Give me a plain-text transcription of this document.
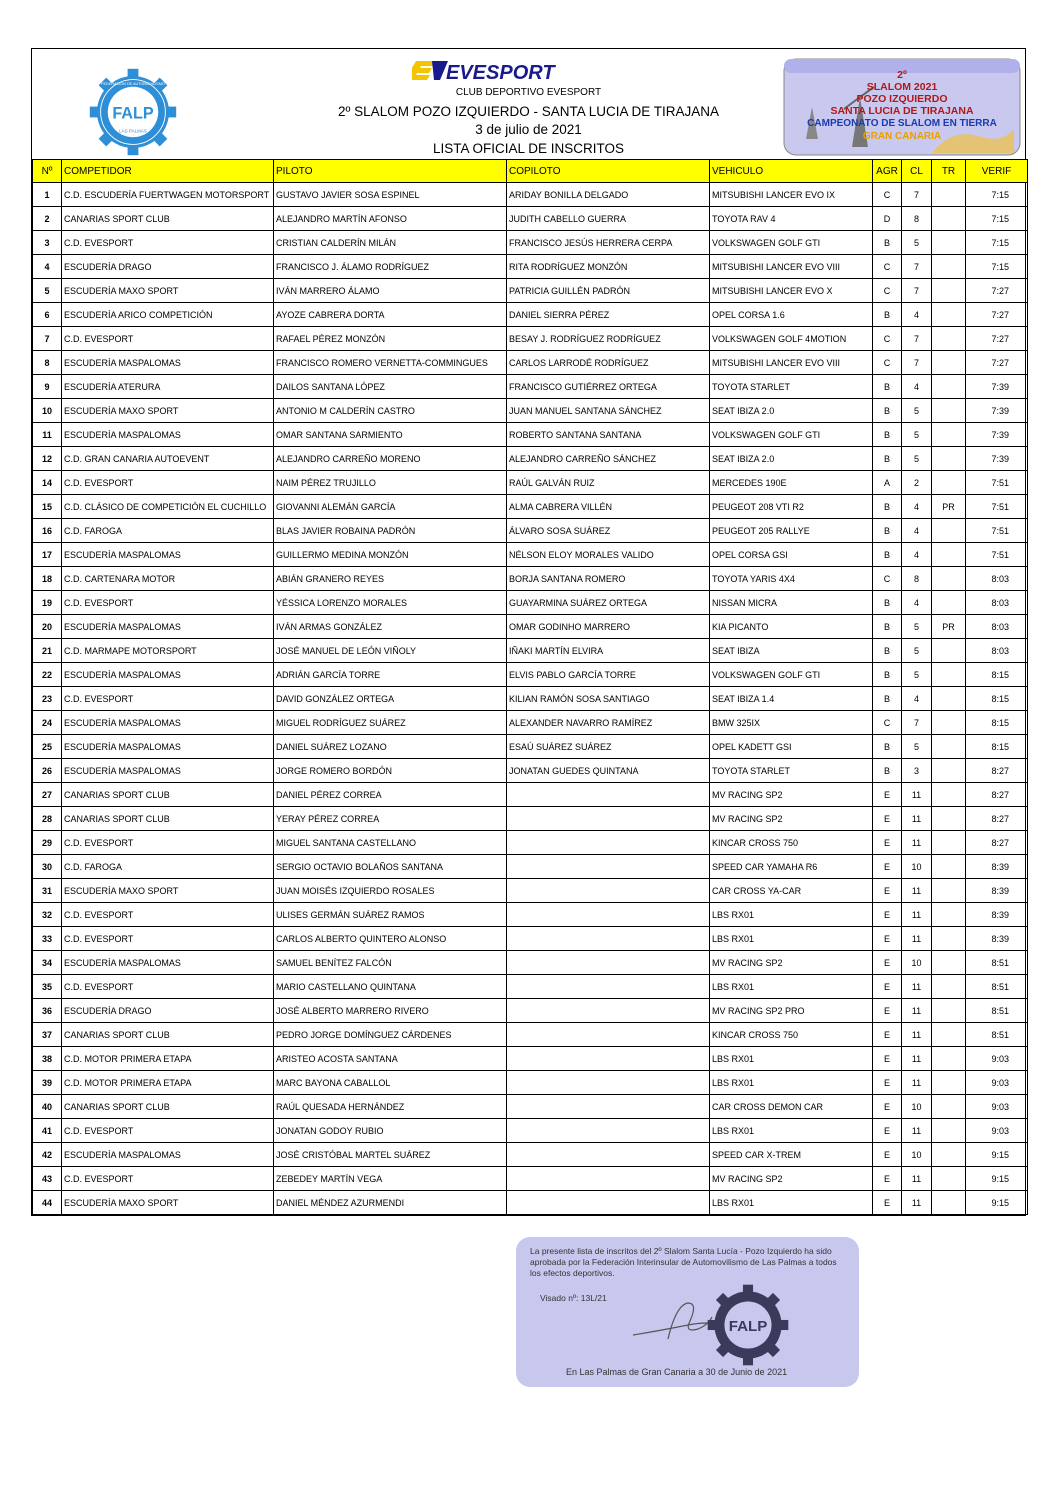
FALP
LAS PALMAS
FEDERACIÓN DE AUTOMOVILISMO	EVESPORT
CLUB DEPORTIVO EVESPORT
2º SLALOM POZO IZQUIERDO - SANTA LUCIA DE TIRAJANA
3 de julio de 2021
LISTA OFICIAL DE INSCRITOS
2º
SLALOM 2021
POZO IZQUIERDO
SANTA LUCIA DE TIRAJANA
CAMPEONATO DE SLALOM EN TIERRA
GRAN CANARIA
Nº	COMPETIDOR	PILOTO	COPILOTO	VEHICULO	AGR	CL	TR	VERIF
1	C.D. ESCUDERÍA FUERTWAGEN MOTORSPORT	GUSTAVO JAVIER SOSA ESPINEL	ARIDAY BONILLA DELGADO	MITSUBISHI LANCER EVO IX	C	7		7:15
2	CANARIAS SPORT CLUB	ALEJANDRO MARTÍN AFONSO	JUDITH CABELLO GUERRA	TOYOTA RAV 4	D	8		7:15
3	C.D. EVESPORT	CRISTIAN CALDERÍN MILÁN	FRANCISCO JESÚS HERRERA CERPA	VOLKSWAGEN GOLF GTI	B	5		7:15
4	ESCUDERÍA DRAGO	FRANCISCO J. ÁLAMO RODRÍGUEZ	RITA RODRÍGUEZ MONZÓN	MITSUBISHI LANCER EVO VIII	C	7		7:15
5	ESCUDERÍA MAXO SPORT	IVÁN MARRERO ÁLAMO	PATRICIA GUILLÉN PADRÓN	MITSUBISHI LANCER EVO X	C	7		7:27
6	ESCUDERÍA ARICO COMPETICIÓN	AYOZE CABRERA DORTA	DANIEL SIERRA PÉREZ	OPEL CORSA 1.6	B	4		7:27
7	C.D. EVESPORT	RAFAEL PÉREZ MONZÓN	BESAY J. RODRÍGUEZ RODRÍGUEZ	VOLKSWAGEN GOLF 4MOTION	C	7		7:27
8	ESCUDERÍA MASPALOMAS	FRANCISCO ROMERO VERNETTA-COMMINGUES	CARLOS LARRODÉ RODRÍGUEZ	MITSUBISHI LANCER EVO VIII	C	7		7:27
9	ESCUDERÍA ATERURA	DAILOS SANTANA LÓPEZ	FRANCISCO GUTIÉRREZ ORTEGA	TOYOTA STARLET	B	4		7:39
10	ESCUDERÍA MAXO SPORT	ANTONIO M CALDERÍN CASTRO	JUAN MANUEL SANTANA SÁNCHEZ	SEAT IBIZA 2.0	B	5		7:39
11	ESCUDERÍA MASPALOMAS	OMAR SANTANA SARMIENTO	ROBERTO SANTANA SANTANA	VOLKSWAGEN GOLF GTI	B	5		7:39
12	C.D. GRAN CANARIA AUTOEVENT	ALEJANDRO CARREÑO MORENO	ALEJANDRO CARREÑO SÁNCHEZ	SEAT IBIZA 2.0	B	5		7:39
14	C.D. EVESPORT	NAIM PÉREZ TRUJILLO	RAÚL GALVÁN RUIZ	MERCEDES 190E	A	2		7:51
15	C.D. CLÁSICO DE COMPETICIÓN EL CUCHILLO	GIOVANNI ALEMÁN GARCÍA	ALMA CABRERA VILLÉN	PEUGEOT 208 VTI R2	B	4	PR	7:51
16	C.D. FAROGA	BLAS JAVIER ROBAINA PADRÓN	ÁLVARO SOSA SUÁREZ	PEUGEOT 205 RALLYE	B	4		7:51
17	ESCUDERÍA MASPALOMAS	GUILLERMO MEDINA MONZÓN	NÉLSON ELOY MORALES VALIDO	OPEL CORSA GSI	B	4		7:51
18	C.D. CARTENARA MOTOR	ABIÁN GRANERO REYES	BORJA SANTANA ROMERO	TOYOTA YARIS 4X4	C	8		8:03
19	C.D. EVESPORT	YÉSSICA LORENZO MORALES	GUAYARMINA SUÁREZ ORTEGA	NISSAN MICRA	B	4		8:03
20	ESCUDERÍA MASPALOMAS	IVÁN ARMAS GONZÁLEZ	OMAR GODINHO MARRERO	KIA PICANTO	B	5	PR	8:03
21	C.D. MARMAPE MOTORSPORT	JOSÉ MANUEL DE LEÓN VIÑOLY	IÑAKI MARTÍN ELVIRA	SEAT IBIZA	B	5		8:03
22	ESCUDERÍA MASPALOMAS	ADRIÁN GARCÍA TORRE	ELVIS PABLO GARCÍA TORRE	VOLKSWAGEN GOLF GTI	B	5		8:15
23	C.D. EVESPORT	DAVID GONZÁLEZ ORTEGA	KILIAN RAMÓN SOSA SANTIAGO	SEAT IBIZA 1.4	B	4		8:15
24	ESCUDERÍA MASPALOMAS	MIGUEL RODRÍGUEZ SUÁREZ	ALEXANDER NAVARRO RAMÍREZ	BMW 325IX	C	7		8:15
25	ESCUDERÍA MASPALOMAS	DANIEL SUÁREZ LOZANO	ESAÚ SUÁREZ SUÁREZ	OPEL KADETT GSI	B	5		8:15
26	ESCUDERÍA MASPALOMAS	JORGE ROMERO BORDÓN	JONATAN GUEDES QUINTANA	TOYOTA STARLET	B	3		8:27
27	CANARIAS SPORT CLUB	DANIEL PÉREZ CORREA		MV RACING SP2	E	11		8:27
28	CANARIAS SPORT CLUB	YERAY PÉREZ CORREA		MV RACING SP2	E	11		8:27
29	C.D. EVESPORT	MIGUEL SANTANA CASTELLANO		KINCAR CROSS 750	E	11		8:27
30	C.D. FAROGA	SERGIO OCTAVIO BOLAÑOS SANTANA		SPEED CAR YAMAHA R6	E	10		8:39
31	ESCUDERÍA MAXO SPORT	JUAN MOISÉS IZQUIERDO ROSALES		CAR CROSS YA-CAR	E	11		8:39
32	C.D. EVESPORT	ULISES GERMÁN SUÁREZ RAMOS		LBS RX01	E	11		8:39
33	C.D. EVESPORT	CARLOS ALBERTO QUINTERO ALONSO		LBS RX01	E	11		8:39
34	ESCUDERÍA MASPALOMAS	SAMUEL BENÍTEZ FALCÓN		MV RACING SP2	E	10		8:51
35	C.D. EVESPORT	MARIO CASTELLANO QUINTANA		LBS RX01	E	11		8:51
36	ESCUDERÍA DRAGO	JOSÉ ALBERTO MARRERO RIVERO		MV RACING SP2 PRO	E	11		8:51
37	CANARIAS SPORT CLUB	PEDRO JORGE DOMÍNGUEZ CÁRDENES		KINCAR CROSS 750	E	11		8:51
38	C.D. MOTOR PRIMERA ETAPA	ARISTEO ACOSTA SANTANA		LBS RX01	E	11		9:03
39	C.D. MOTOR PRIMERA ETAPA	MARC BAYONA CABALLOL		LBS RX01	E	11		9:03
40	CANARIAS SPORT CLUB	RAÚL QUESADA HERNÁNDEZ		CAR CROSS DEMON CAR	E	10		9:03
41	C.D. EVESPORT	JONATAN GODOY RUBIO		LBS RX01	E	11		9:03
42	ESCUDERÍA MASPALOMAS	JOSÉ CRISTÓBAL MARTEL SUÁREZ		SPEED CAR X-TREM	E	10		9:15
43	C.D. EVESPORT	ZEBEDEY MARTÍN VEGA		MV RACING SP2	E	11		9:15
44	ESCUDERÍA MAXO SPORT	DANIEL MÉNDEZ AZURMENDI		LBS RX01	E	11		9:15
La presente lista de inscritos del 2º Slalom Santa Lucía - Pozo Izquierdo ha sido aprobada por la Federación Interinsular de Automovilismo de Las Palmas a todos los efectos deportivos.
Visado nº: 13L/21
FALP
En Las Palmas de Gran Canaria a 30 de Junio de 2021
